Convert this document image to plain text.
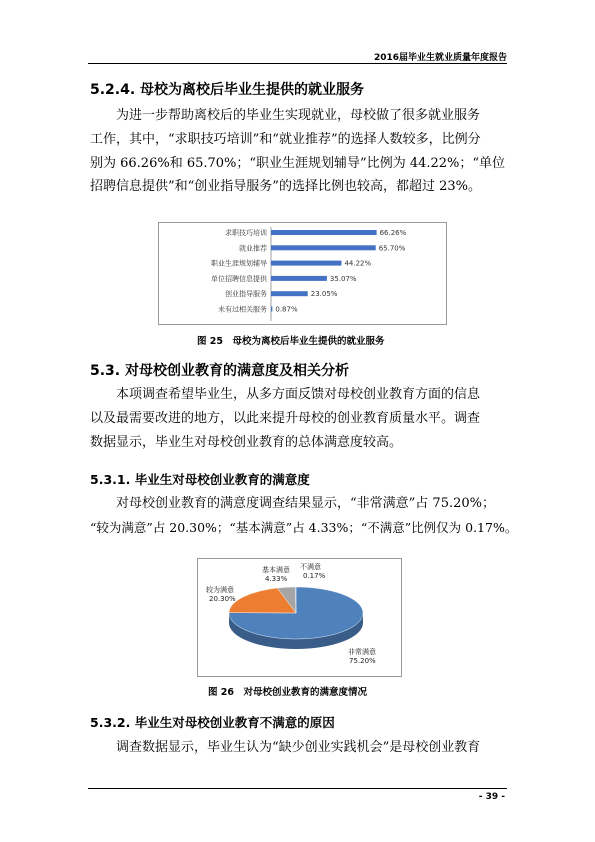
2016届毕业生就业质量年度报告
5.2.4. 母校为离校后毕业生提供的就业服务

为进一步帮助离校后的毕业生实现就业，母校做了很多就业服务
工作，其中，“求职技巧培训”和“就业推荐”的选择人数较多，比例分
别为 66.26%和 65.70%；“职业生涯规划辅导”比例为 44.22%；“单位
招聘信息提供”和“创业指导服务”的选择比例也较高，都超过 23%。

求职技巧培训	66.26%
就业推荐	65.70%
职业生涯规划辅导	44.22%
单位招聘信息提供	35.07%
创业指导服务	23.05%
未有过相关服务 0.87%
图 25　母校为离校后毕业生提供的就业服务
5.3. 对母校创业教育的满意度及相关分析

本项调查希望毕业生，从多方面反馈对母校创业教育方面的信息
以及最需要改进的地方，以此来提升母校的创业教育质量水平。调查
数据显示，毕业生对母校创业教育的总体满意度较高。

5.3.1. 毕业生对母校创业教育的满意度

对母校创业教育的满意度调查结果显示，“非常满意”占 75.20%；
“较为满意”占 20.30%；“基本满意”占 4.33%；“不满意”比例仅为 0.17%。

非常满意
75.20%
较为满意
20.30%
基本满意
4.33%
不满意
0.17%
图 26　对母校创业教育的满意度情况
5.3.2. 毕业生对母校创业教育不满意的原因

调查数据显示，毕业生认为“缺少创业实践机会”是母校创业教育

- 39 -
